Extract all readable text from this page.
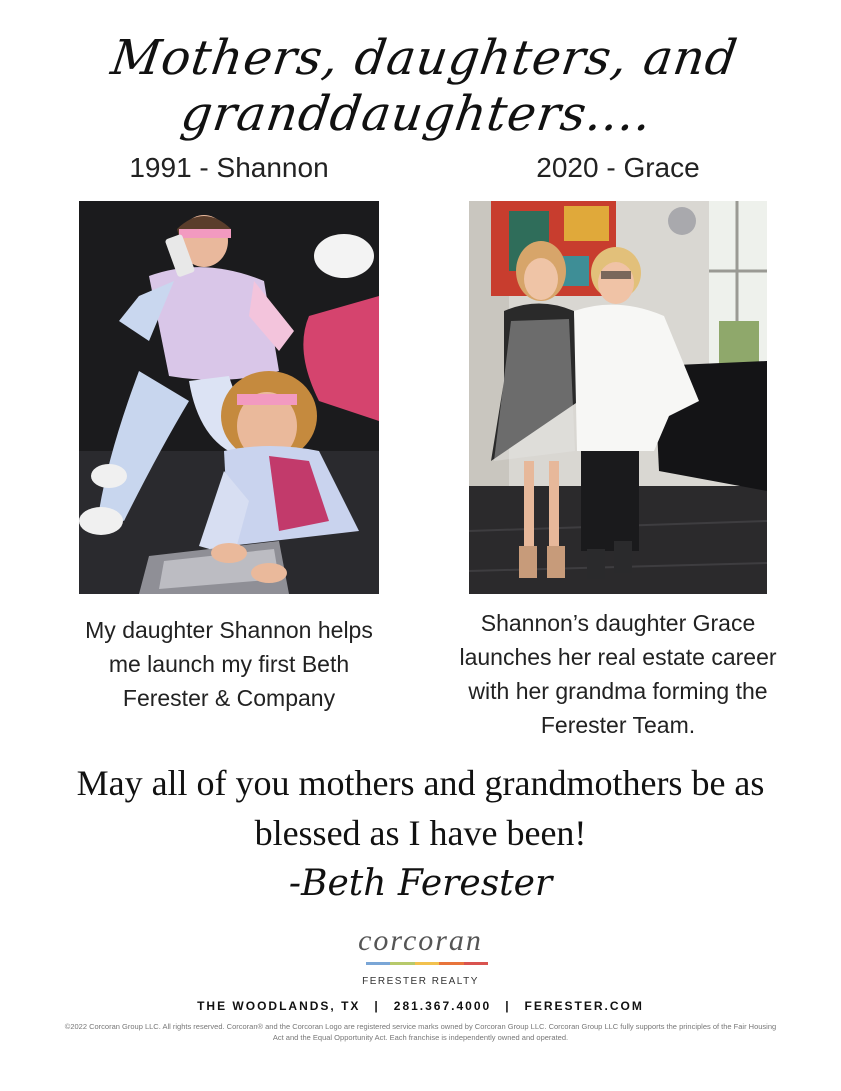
Mothers, daughters, and granddaughters....
1991 - Shannon
My daughter Shannon helps
me launch my first Beth
Ferester & Company
2020 - Grace
Shannon’s daughter Grace
launches her real estate career
with her grandma forming the
Ferester Team.
May all of you mothers and grandmothers be as
blessed as I have been!
-Beth Ferester
corcoran
FERESTER REALTY
THE WOODLANDS, TX | 281.367.4000 | FERESTER.COM
©2022 Corcoran Group LLC. All rights reserved. Corcoran® and the Corcoran Logo are registered service marks owned by Corcoran Group LLC. Corcoran Group LLC fully supports the principles of the Fair Housing Act and the Equal Opportunity Act. Each franchise is independently owned and operated.
